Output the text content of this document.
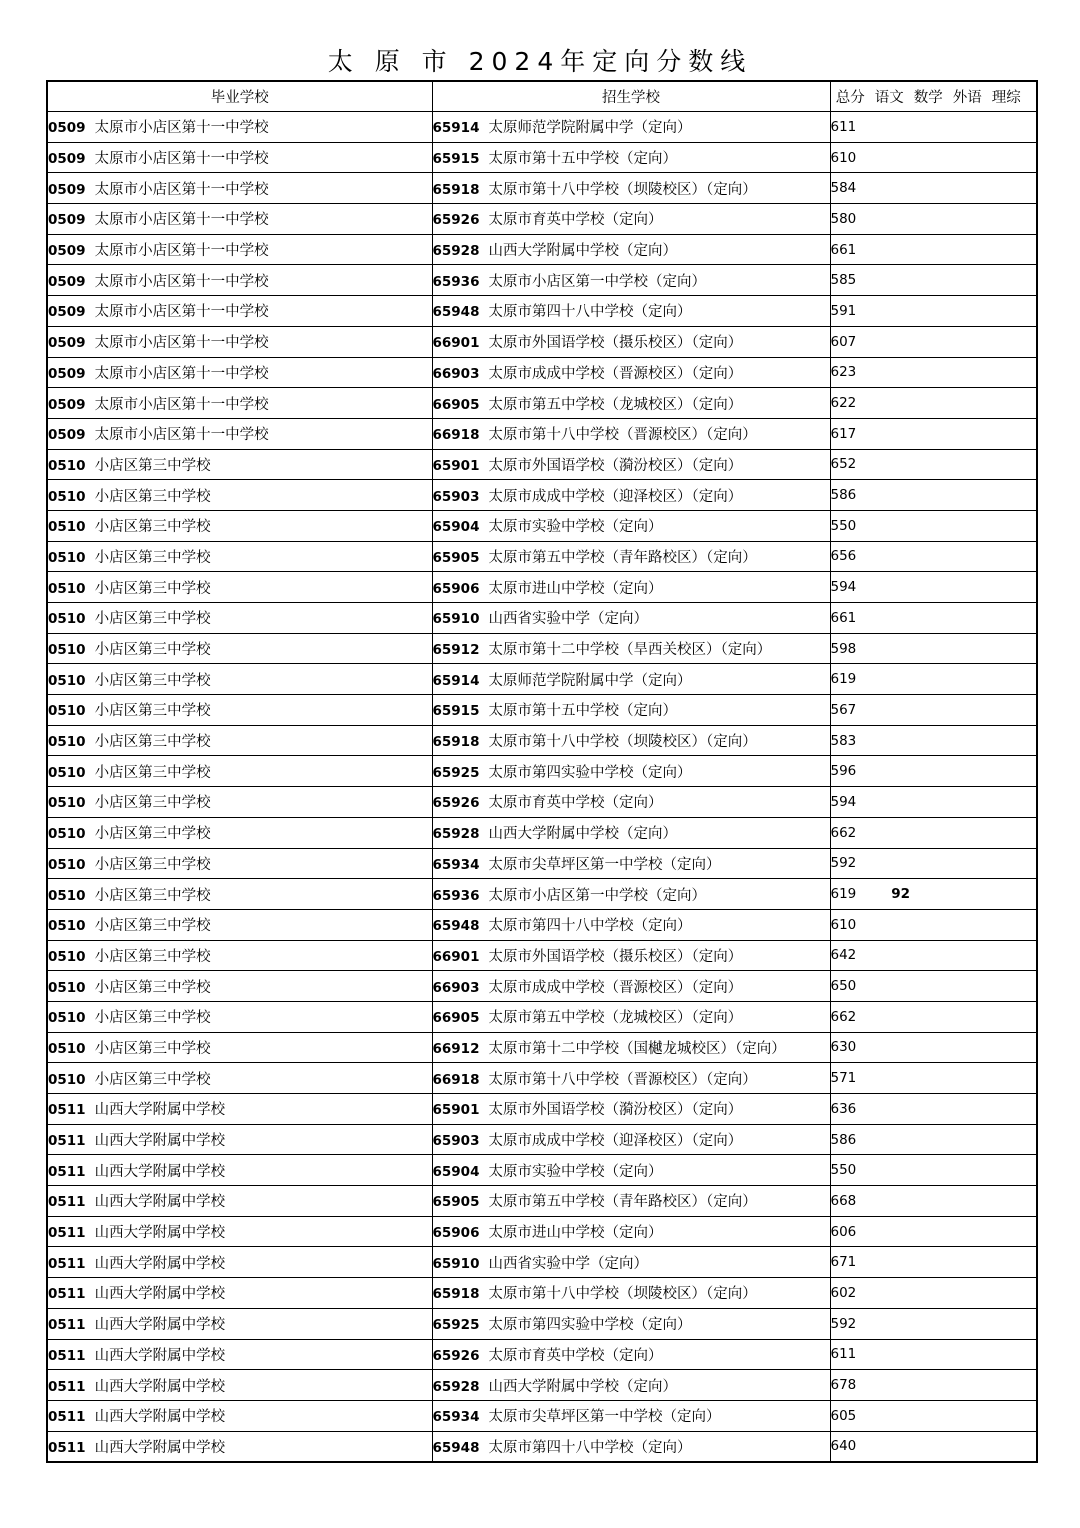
太 原 市 2024年定向分数线
毕业学校	招生学校	总分 语文 数学 外语 理综
0509 太原市小店区第十一中学校	65914 太原师范学院附属中学（定向）	611
0509 太原市小店区第十一中学校	65915 太原市第十五中学校（定向）	610
0509 太原市小店区第十一中学校	65918 太原市第十八中学校（坝陵校区）（定向）	584
0509 太原市小店区第十一中学校	65926 太原市育英中学校（定向）	580
0509 太原市小店区第十一中学校	65928 山西大学附属中学校（定向）	661
0509 太原市小店区第十一中学校	65936 太原市小店区第一中学校（定向）	585
0509 太原市小店区第十一中学校	65948 太原市第四十八中学校（定向）	591
0509 太原市小店区第十一中学校	66901 太原市外国语学校（摄乐校区）（定向）	607
0509 太原市小店区第十一中学校	66903 太原市成成中学校（晋源校区）（定向）	623
0509 太原市小店区第十一中学校	66905 太原市第五中学校（龙城校区）（定向）	622
0509 太原市小店区第十一中学校	66918 太原市第十八中学校（晋源校区）（定向）	617
0510 小店区第三中学校	65901 太原市外国语学校（漪汾校区）（定向）	652
0510 小店区第三中学校	65903 太原市成成中学校（迎泽校区）（定向）	586
0510 小店区第三中学校	65904 太原市实验中学校（定向）	550
0510 小店区第三中学校	65905 太原市第五中学校（青年路校区）（定向）	656
0510 小店区第三中学校	65906 太原市进山中学校（定向）	594
0510 小店区第三中学校	65910 山西省实验中学（定向）	661
0510 小店区第三中学校	65912 太原市第十二中学校（旱西关校区）（定向）	598
0510 小店区第三中学校	65914 太原师范学院附属中学（定向）	619
0510 小店区第三中学校	65915 太原市第十五中学校（定向）	567
0510 小店区第三中学校	65918 太原市第十八中学校（坝陵校区）（定向）	583
0510 小店区第三中学校	65925 太原市第四实验中学校（定向）	596
0510 小店区第三中学校	65926 太原市育英中学校（定向）	594
0510 小店区第三中学校	65928 山西大学附属中学校（定向）	662
0510 小店区第三中学校	65934 太原市尖草坪区第一中学校（定向）	592
0510 小店区第三中学校	65936 太原市小店区第一中学校（定向）	619 92
0510 小店区第三中学校	65948 太原市第四十八中学校（定向）	610
0510 小店区第三中学校	66901 太原市外国语学校（摄乐校区）（定向）	642
0510 小店区第三中学校	66903 太原市成成中学校（晋源校区）（定向）	650
0510 小店区第三中学校	66905 太原市第五中学校（龙城校区）（定向）	662
0510 小店区第三中学校	66912 太原市第十二中学校（国樾龙城校区）（定向）	630
0510 小店区第三中学校	66918 太原市第十八中学校（晋源校区）（定向）	571
0511 山西大学附属中学校	65901 太原市外国语学校（漪汾校区）（定向）	636
0511 山西大学附属中学校	65903 太原市成成中学校（迎泽校区）（定向）	586
0511 山西大学附属中学校	65904 太原市实验中学校（定向）	550
0511 山西大学附属中学校	65905 太原市第五中学校（青年路校区）（定向）	668
0511 山西大学附属中学校	65906 太原市进山中学校（定向）	606
0511 山西大学附属中学校	65910 山西省实验中学（定向）	671
0511 山西大学附属中学校	65918 太原市第十八中学校（坝陵校区）（定向）	602
0511 山西大学附属中学校	65925 太原市第四实验中学校（定向）	592
0511 山西大学附属中学校	65926 太原市育英中学校（定向）	611
0511 山西大学附属中学校	65928 山西大学附属中学校（定向）	678
0511 山西大学附属中学校	65934 太原市尖草坪区第一中学校（定向）	605
0511 山西大学附属中学校	65948 太原市第四十八中学校（定向）	640
